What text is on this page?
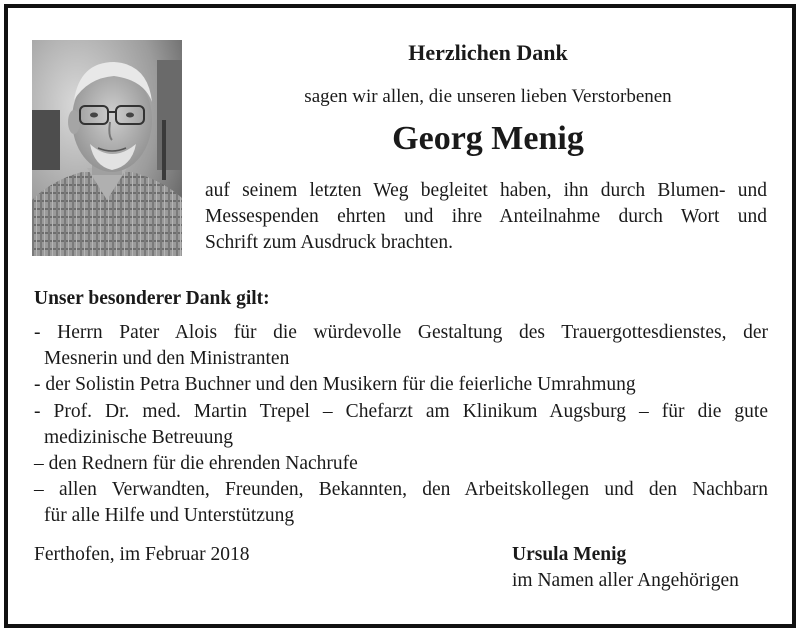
Herzlichen Dank
sagen wir allen, die unseren lieben Verstorbenen
Georg Menig
auf seinem letzten Weg begleitet haben, ihn durch Blumen- und
Messespenden ehrten und ihre Anteilnahme durch Wort und
Schrift zum Ausdruck brachten.
Unser besonderer Dank gilt:
- Herrn Pater Alois für die würdevolle Gestaltung des Trauergottesdienstes, der
Mesnerin und den Ministranten
- der Solistin Petra Buchner und den Musikern für die feierliche Umrahmung
- Prof. Dr. med. Martin Trepel – Chefarzt am Klinikum Augsburg – für die gute
medizinische Betreuung
– den Rednern für die ehrenden Nachrufe
– allen Verwandten, Freunden, Bekannten, den Arbeitskollegen und den Nachbarn
für alle Hilfe und Unterstützung
Ferthofen, im Februar 2018	Ursula Menig
im Namen aller Angehörigen
